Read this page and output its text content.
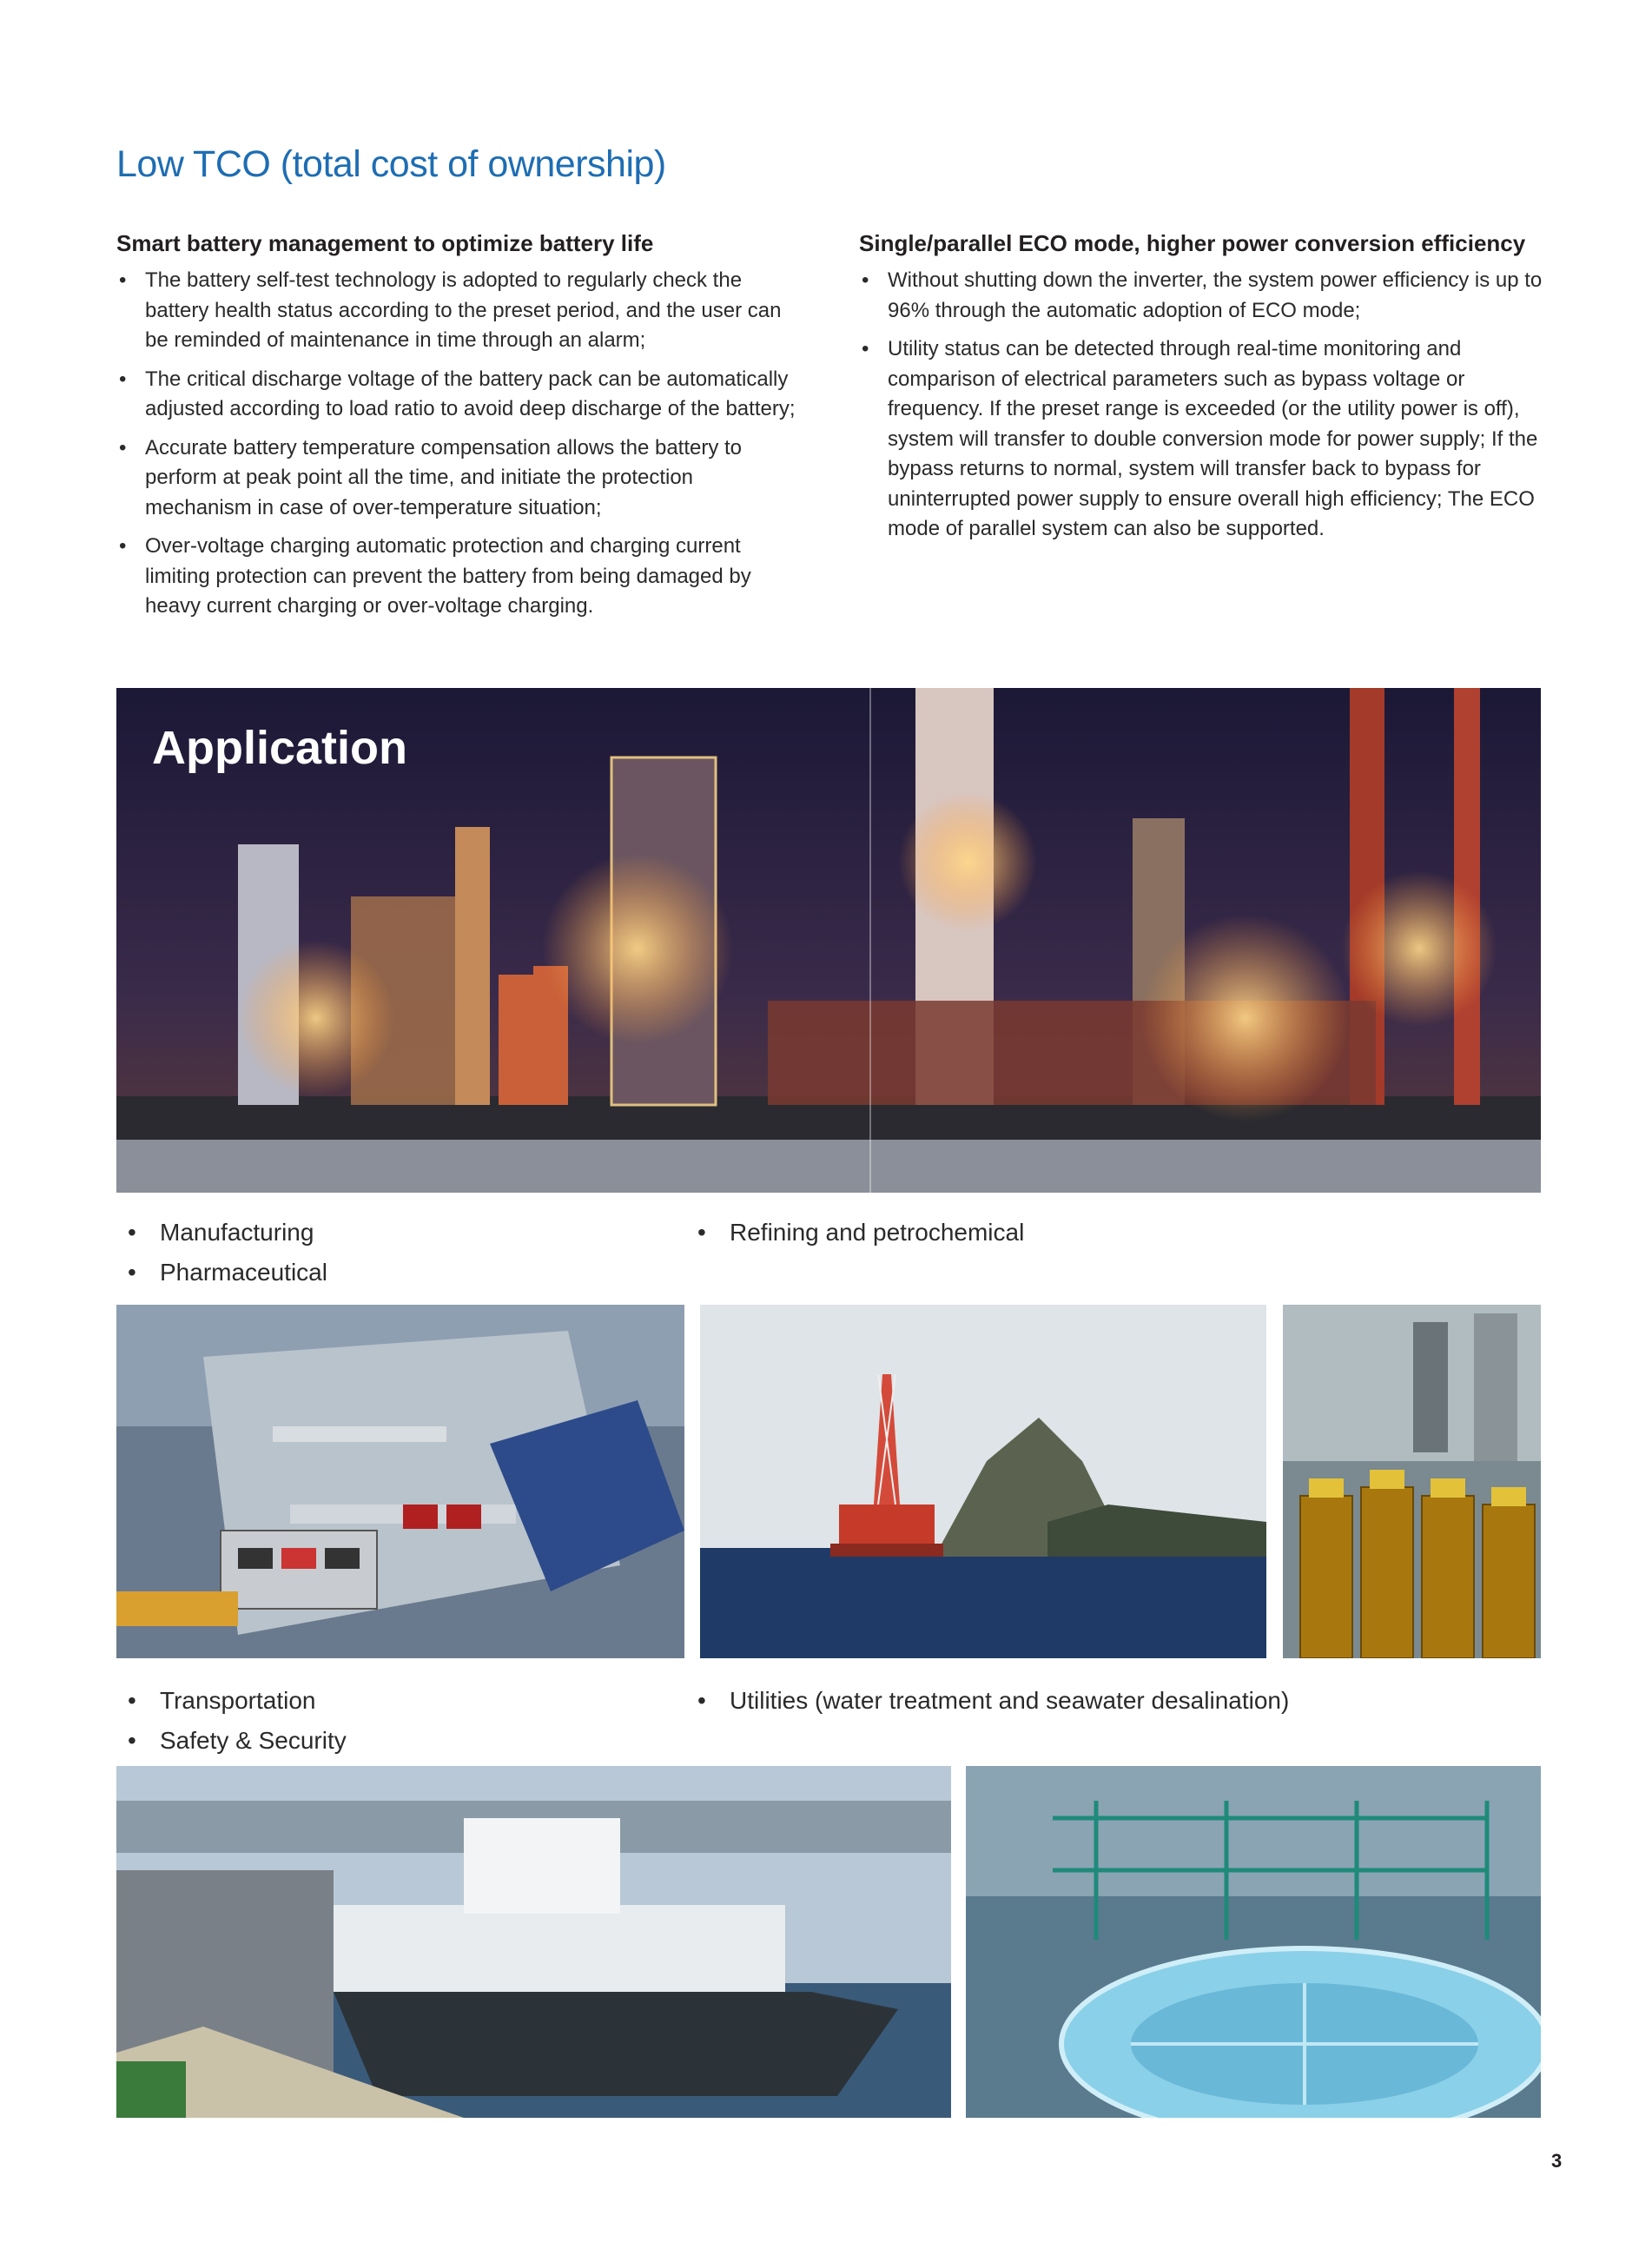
Low TCO (total cost of ownership)
Smart battery management to optimize battery life
• The battery self-test technology is adopted to regularly check the battery health status according to the preset period, and the user can be reminded of maintenance in time through an alarm;
• The critical discharge voltage of the battery pack can be automatically adjusted according to load ratio to avoid deep discharge of the battery;
• Accurate battery temperature compensation allows the battery to perform at peak point all the time, and initiate the protection mechanism in case of over-temperature situation;
• Over-voltage charging automatic protection and charging current limiting protection can prevent the battery from being damaged by heavy current charging or over-voltage charging.
Single/parallel ECO mode, higher power conversion efficiency
• Without shutting down the inverter, the system power efficiency is up to 96% through the automatic adoption of ECO mode;
• Utility status can be detected through real-time monitoring and comparison of electrical parameters such as bypass voltage or frequency. If the preset range is exceeded (or the utility power is off), system will transfer to double conversion mode for power supply; If the bypass returns to normal, system will transfer back to bypass for uninterrupted power supply to ensure overall high efficiency; The ECO mode of parallel system can also be supported.
Application
• Manufacturing
• Pharmaceutical
• Refining and petrochemical
• Transportation
• Safety & Security
• Utilities (water treatment and seawater desalination)
3
